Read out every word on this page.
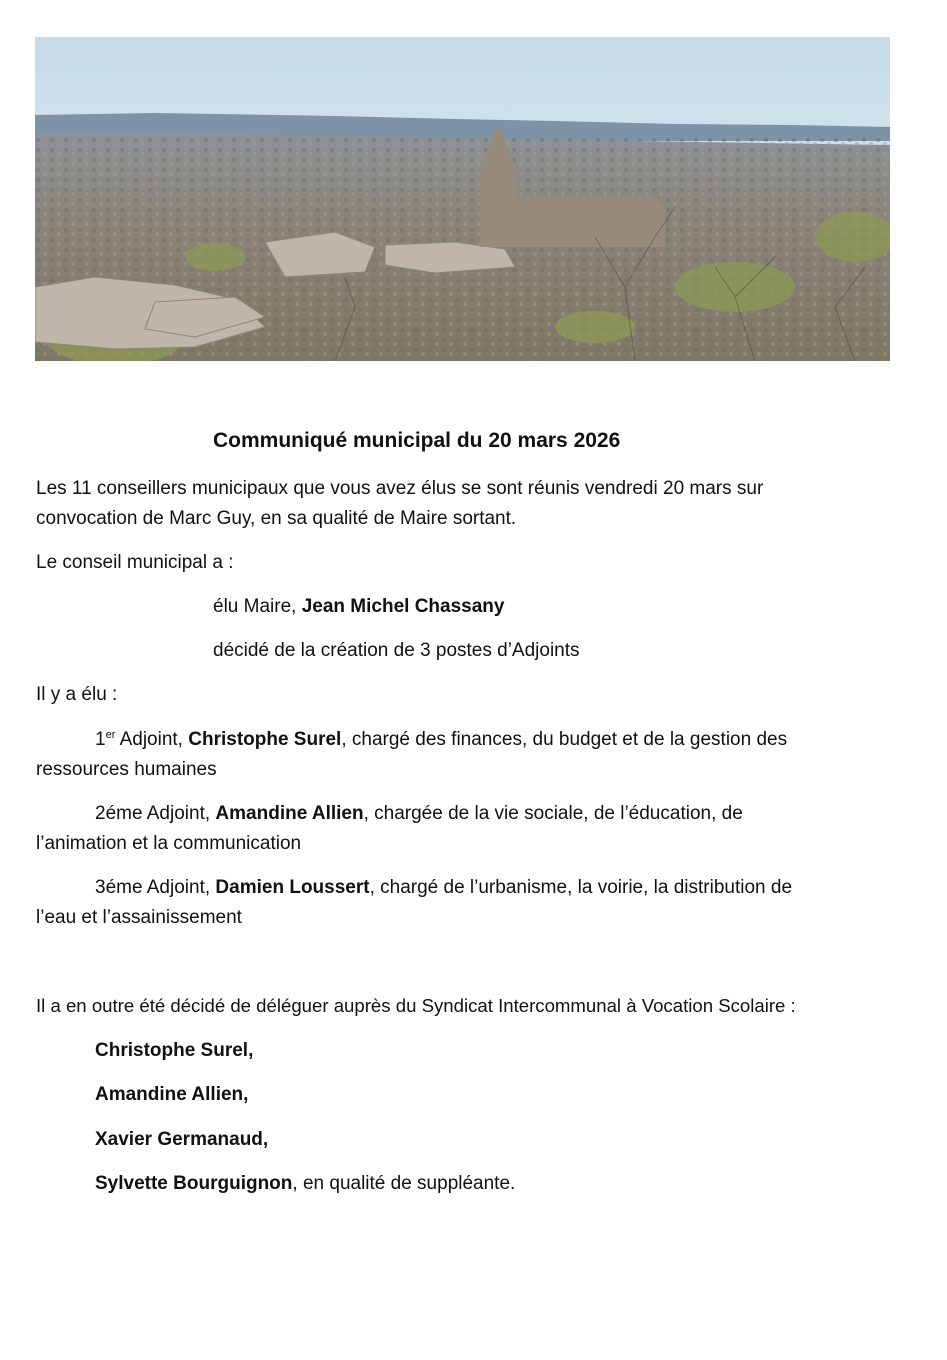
Communiqué municipal du 20 mars 2026
Les 11 conseillers municipaux que vous avez élus se sont réunis vendredi 20 mars sur convocation de Marc Guy, en sa qualité de Maire sortant.
Le conseil municipal a :
élu Maire, Jean Michel Chassany
décidé de la création de 3 postes d’Adjoints
Il y a élu :
1er Adjoint, Christophe Surel, chargé des finances, du budget et de la gestion des
ressources humaines
2éme Adjoint, Amandine Allien, chargée de la vie sociale, de l’éducation, de
l’animation et la communication
3éme Adjoint, Damien Loussert, chargé de l’urbanisme, la voirie, la distribution de
l’eau et l’assainissement
Il a en outre été décidé de déléguer auprès du Syndicat Intercommunal à Vocation Scolaire :
Christophe Surel,
Amandine Allien,
Xavier Germanaud,
Sylvette Bourguignon, en qualité de suppléante.
